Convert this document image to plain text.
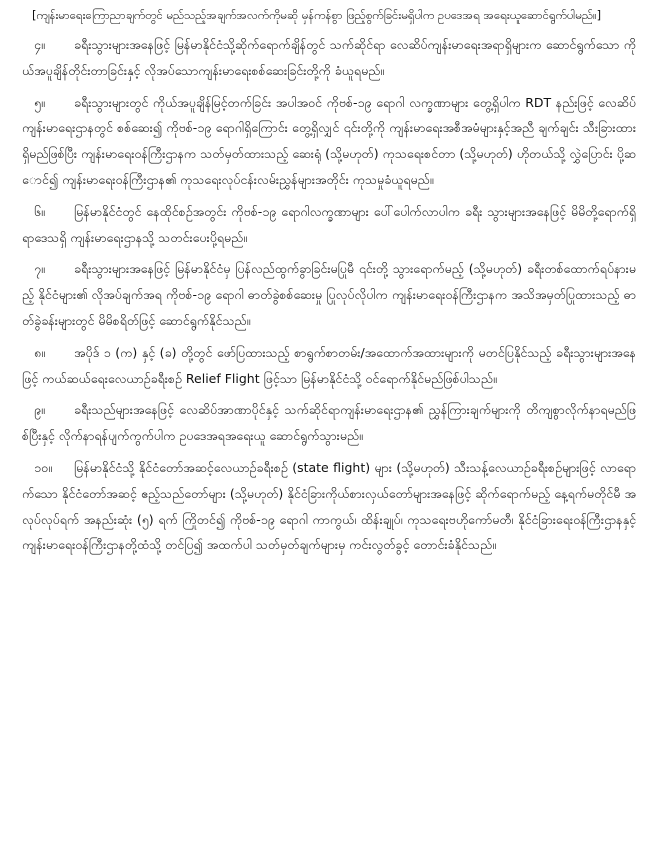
[ကျန်းမာရေးကြောညာချက်တွင် မည်သည့်အချက်အလက်ကိုမဆို မှန်ကန်စွာ ဖြည့်စွက်ခြင်းမရှိပါက ဥပဒေအရ အရေးယူဆောင်ရွက်ပါမည်။]
၄။ ခရီးသွားများအနေဖြင့် မြန်မာနိုင်ငံသို့ဆိုက်ရောက်ချိန်တွင် သက်ဆိုင်ရာ လေဆိပ်ကျန်းမာရေးအရာရှိများက ဆောင်ရွက်သော ကိုယ်အပူချိန်တိုင်းတာခြင်းနှင့် လိုအပ်သောကျန်းမာရေးစစ်ဆေးခြင်းတို့ကို ခံယူရမည်။
၅။ ခရီးသွားများတွင် ကိုယ်အပူချိန်မြင့်တက်ခြင်း အပါအဝင် ကိုဗစ်-၁၉ ရောဂါ လက္ခဏာများ တွေ့ရှိပါက RDT နည်းဖြင့် လေဆိပ်ကျန်းမာရေးဌာနတွင် စစ်ဆေး၍ ကိုဗစ်-၁၉ ရောဂါရှိကြောင်း တွေ့ရှိလျှင် ၎င်းတို့ကို ကျန်းမာရေးအစီအမံများနှင့်အညီ ချက်ချင်း သီးခြားထားရှိမည်ဖြစ်ပြီး ကျန်းမာရေးဝန်ကြီးဌာနက သတ်မှတ်ထားသည့် ဆေးရုံ (သို့မဟုတ်) ကုသရေးစင်တာ (သို့မဟုတ်) ဟိုတယ်သို့ လွှဲပြောင်း ပို့ဆောင်၍ ကျန်းမာရေးဝန်ကြီးဌာန၏ ကုသရေးလုပ်ငန်းလမ်းညွှန်များအတိုင်း ကုသမှုခံယူရမည်။
၆။ မြန်မာနိုင်ငံတွင် နေထိုင်စဉ်အတွင်း ကိုဗစ်-၁၉ ရောဂါလက္ခဏာများ ပေါ်ပေါက်လာပါက ခရီး သွားများအနေဖြင့် မိမိတို့ရောက်ရှိရာဒေသရှိ ကျန်းမာရေးဌာနသို့ သတင်းပေးပို့ရမည်။
၇။ ခရီးသွားများအနေဖြင့် မြန်မာနိုင်ငံမှ ပြန်လည်ထွက်ခွာခြင်းမပြုမီ ၎င်းတို့ သွားရောက်မည့် (သို့မဟုတ်) ခရီးတစ်ထောက်ရပ်နားမည့် နိုင်ငံများ၏ လိုအပ်ချက်အရ ကိုဗစ်-၁၉ ရောဂါ ဓာတ်ခွဲစစ်ဆေးမှု ပြုလုပ်လိုပါက ကျန်းမာရေးဝန်ကြီးဌာနက အသိအမှတ်ပြုထားသည့် ဓာတ်ခွဲခန်းများတွင် မိမိစရိတ်ဖြင့် ဆောင်ရွက်နိုင်သည်။
၈။ အပိုဒ် ၁ (က) နှင့် (ခ) တို့တွင် ဖော်ပြထားသည့် စာရွက်စာတမ်း/အထောက်အထားများကို မတင်ပြနိုင်သည့် ခရီးသွားများအနေဖြင့် ကယ်ဆယ်ရေးလေယာဉ်ခရီးစဉ် Relief Flight ဖြင့်သာ မြန်မာနိုင်ငံသို့ ဝင်ရောက်နိုင်မည်ဖြစ်ပါသည်။
၉။ ခရီးသည်များအနေဖြင့် လေဆိပ်အာဏာပိုင်နှင့် သက်ဆိုင်ရာကျန်းမာရေးဌာန၏ ညွှန်ကြားချက်များကို တိကျစွာလိုက်နာရမည်ဖြစ်ပြီးနှင့် လိုက်နာရန်ပျက်ကွက်ပါက ဥပဒေအရအရေးယူ ဆောင်ရွက်သွားမည်။
၁၀။ မြန်မာနိုင်ငံသို့ နိုင်ငံတော်အဆင့်လေယာဉ်ခရီးစဉ် (state flight) များ (သို့မဟုတ်) သီးသန့်လေယာဉ်ခရီးစဉ်များဖြင့် လာရောက်သော နိုင်ငံတော်အဆင့် ဧည့်သည်တော်များ (သို့မဟုတ်) နိုင်ငံခြားကိုယ်စားလှယ်တော်များအနေဖြင့် ဆိုက်ရောက်မည့် နေ့ရက်မတိုင်မီ အလုပ်လုပ်ရက် အနည်းဆုံး (၅) ရက် ကြိုတင်၍ ကိုဗစ်-၁၉ ရောဂါ ကာကွယ်၊ ထိန်းချုပ်၊ ကုသရေးဗဟိုကော်မတီ၊ နိုင်ငံခြားရေးဝန်ကြီးဌာနနှင့် ကျန်းမာရေးဝန်ကြီးဌာနတို့ထံသို့ တင်ပြ၍ အထက်ပါ သတ်မှတ်ချက်များမှ ကင်းလွတ်ခွင့် တောင်းခံနိုင်သည်။
